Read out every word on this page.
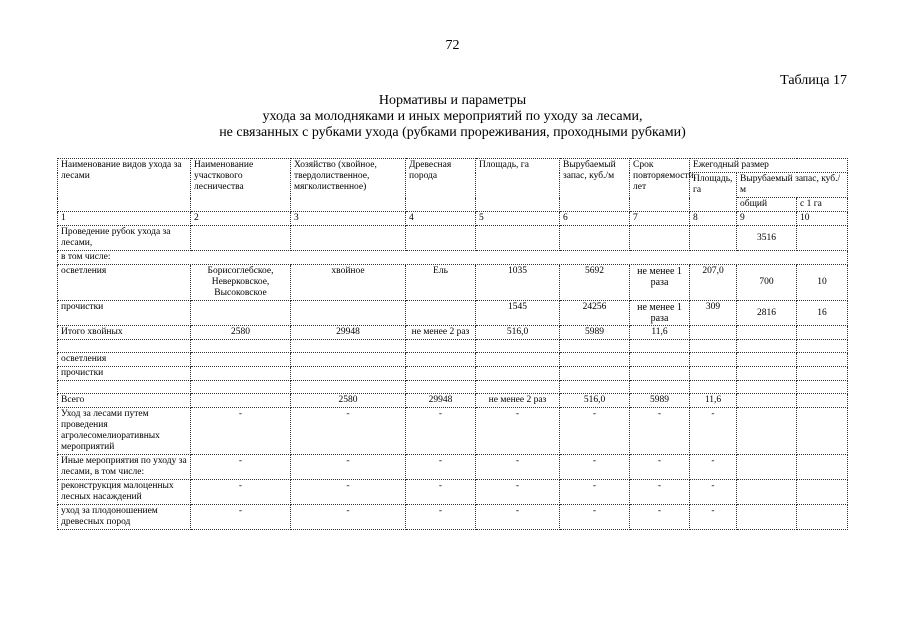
72
Таблица 17
Нормативы и параметры
ухода за молодняками и иных мероприятий по уходу за лесами,
не связанных с рубками ухода (рубками прореживания, проходными рубками)
Наименование видов ухода за лесами	Наименование участкового лесничества	Хозяйство (хвойное, твердолиственное, мягколиственное)	Древесная порода	Площадь, га	Вырубаемый запас, куб./м	Срок повторяемости, лет	Ежегодный размер		
							Площадь, га	Вырубаемый запас, куб./м	
								общий	с 1 га
1	2	3	4	5	6	7	8	9	10
Проведение рубок ухода за лесами,								3516	
в том числе:									
осветления	Борисоглебское, Неверковское, Высоковское	хвойное	Ель	1035	5692	не менее 1 раза	207,0	700	10
прочистки				1545	24256	не менее 1 раза	309	2816	16
Итого хвойных	2580	29948	не менее 2 раз	516,0	5989	11,6			

осветления									
прочистки									

Всего		2580	29948	не менее 2 раз	516,0	5989	11,6		
Уход за лесами путем проведения агролесомелиоративных мероприятий	-	-	-	-	-	-	-		
Иные мероприятия по уходу за лесами, в том числе:	-	-	-	-	-	-	-		
реконструкция малоценных лесных насаждений	-	-	-	-	-	-	-		
уход за плодоношением древесных пород	-	-	-	-	-	-	-		
